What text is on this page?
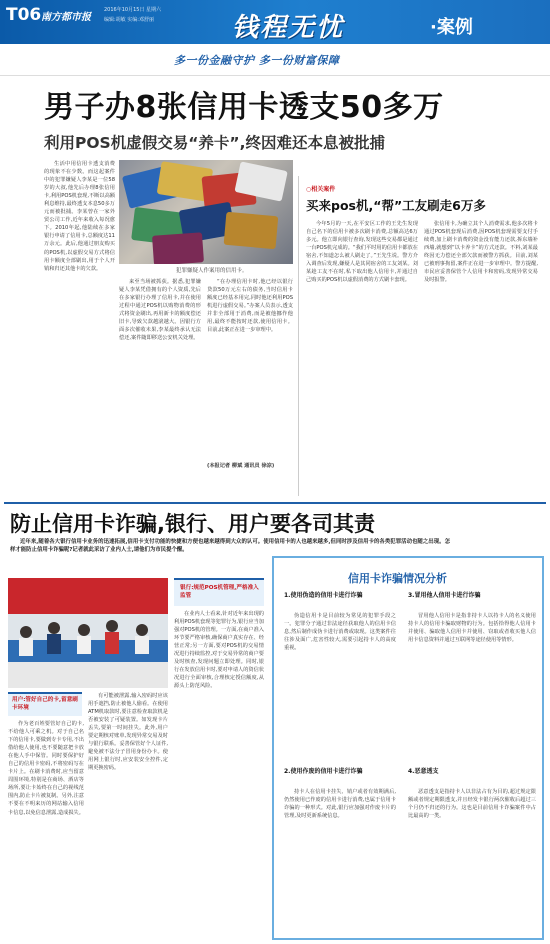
T06 南方都市报
2016年10月15日 星期六
编辑:胡敏 实编:邓舒丽	钱程无忧	·案例
多一份金融守护 多一份财富保障
男子办8张信用卡透支50多万
利用POS机虚假交易“养卡”,终因难还本息被批捕

生活中用信用卡透支消费的现象不在少数。而这起案件中的犯罪嫌疑人李某是一位58岁的大叔,他先后办理8张信用卡,利用POS机套现,不断以高额利息维持,最终透支本息50多万元而被批捕。李某曾在一家外贸公司工作,近年来收入每况愈下。2010年起,他陆续在多家银行申请了信用卡,总额度达11万余元。此后,他通过朋友购买的POS机,以虚假交易方式将信用卡额度全部刷出,用于个人开销和归还其他卡的欠款。	犯罪嫌疑人作案用的信用卡。

来至当场被抓获。据悉,犯罪嫌疑人李某凭借拥有的个人资质,先后在多家银行办理了信用卡,并在使用过程中通过POS机以购物消费的形式将资金刷出,再用新卡的额度偿还旧卡,导致欠款越滚越大。因银行方面多次催收未果,李某最终承认无法偿还,案件随即移送公安机关处理。

“在办理信用卡时,他已经以银行贷款50万元左右的债务,当时信用卡额度已经基本用完,同时他还利用POS机进行虚假交易。”办案人员表示,透支并非全部用于消费,而是被他挪作他用,最终不能按时还款,使用信用卡。目前,此案正在进一步审理中。

(本报记者 柳斌 通讯员 徐凉)
○相关案件
买来pos机,“帮”工友刷走6万多

今年5月的一天,在平安区工作的王先生发现自己名下的信用卡被多次刷卡消费,总额高达6万多元。他立即向银行查询,发现这些交易都是通过一台POS机完成的。“我们平时用的信用卡都放在宿舍,不知道怎么被人刷走了。”王先生说。警方介入调查后发现,嫌疑人是其同宿舍的工友刘某。刘某趁工友不在时,私下取出他人信用卡,并通过自己购买的POS机以虚假消费的方式刷卡套现。

张信用卡,为确立其个人消费需求,他多次将卡通过POS机套现后消费,因POS机套现需要支付手续费,加上刷卡消费的资金没有能力还款,拆东墙补西墙,就想到“以卡养卡”的方式还款。不料,刘某最终因无力偿还全部欠款而被警方抓获。目前,刘某已被刑事拘留,案件正在进一步审理中。警方提醒,市民应妥善保管个人信用卡和密码,发现异常交易及时报警。

防止信用卡诈骗,银行、用户要各司其责
近年来,随着各大银行信用卡业务的迅速拓展,信用卡支付功能的快捷和方便也越来越得到大众的认可。使用信用卡的人也越来越多,但同时涉及信用卡的各类犯罪活动也随之出现。怎样才能防止信用卡诈骗呢?记者就此采访了业内人士,请他们为市民提个醒。
用户:管好自己的卡,留意刷卡环境

作为老百姓要管好自己的卡,不给他人可乘之机。对于自己名下的信用卡,要做到专卡专用,不出借给他人使用,也不要随意把卡放在他人手中保管。同时要保护好自己的信用卡密码,不将密码写在卡片上。在刷卡消费时,应当留意周围环境,特别是在商场、酒店等场所,要让卡始终在自己的视线范围内,防止卡片被复制。另外,注意不要在不明来历的网站输入信用卡信息,以免信息泄露,造成损失。

有可能被泄露,输入密码时应该用手遮挡,防止被他人偷看。在使用ATM机取款时,要注意检查取款机是否被安装了可疑装置。如发现卡片丢失,要第一时间挂失。此外,用户要定期核对账单,发现异常交易及时与银行联系。妥善保管好个人证件,避免被不法分子冒用身份办卡。使用网上银行时,应安装安全控件,定期更换密码。

银行:规范POS机管理,严格准入监管

在业内人士看来,针对近年来出现的利用POS机套现等犯罪行为,银行应当加强对POS机的管理。一方面,在商户准入环节要严格审核,确保商户真实存在、经营正常;另一方面,要对POS机的交易情况进行持续监控,对于交易异常的商户要及时核查,发现问题立即处理。同时,银行在发放信用卡时,要对申请人的资信状况进行全面审核,合理核定授信额度,从源头上防范风险。

信用卡诈骗情况分析
1.使用伪造的信用卡进行诈骗

伪造信用卡是目前较为常见的犯罪手段之一。犯罪分子通过非法途径获取他人的信用卡信息,然后制作成伪卡进行消费或取现。这类案件往往涉及面广,危害性较大,需要引起持卡人的高度重视。

2.使用作废的信用卡进行诈骗

持卡人在信用卡挂失、销户或者有效期满后,仍然使用已作废的信用卡进行消费,也属于信用卡诈骗的一种形式。对此,银行应加强对作废卡片的管理,及时更新系统信息。

3.冒用他人信用卡进行诈骗

冒用他人信用卡是指非持卡人以持卡人的名义使用持卡人的信用卡骗取财物的行为。包括拾得他人信用卡并使用、骗取他人信用卡并使用、窃取或者收买他人信用卡信息资料并通过互联网等途径使用等情形。

4.恶意透支

恶意透支是指持卡人以非法占有为目的,超过规定限额或者规定期限透支,并且经发卡银行两次催收后超过三个月仍不归还的行为。这也是目前信用卡诈骗案件中占比最高的一类。
